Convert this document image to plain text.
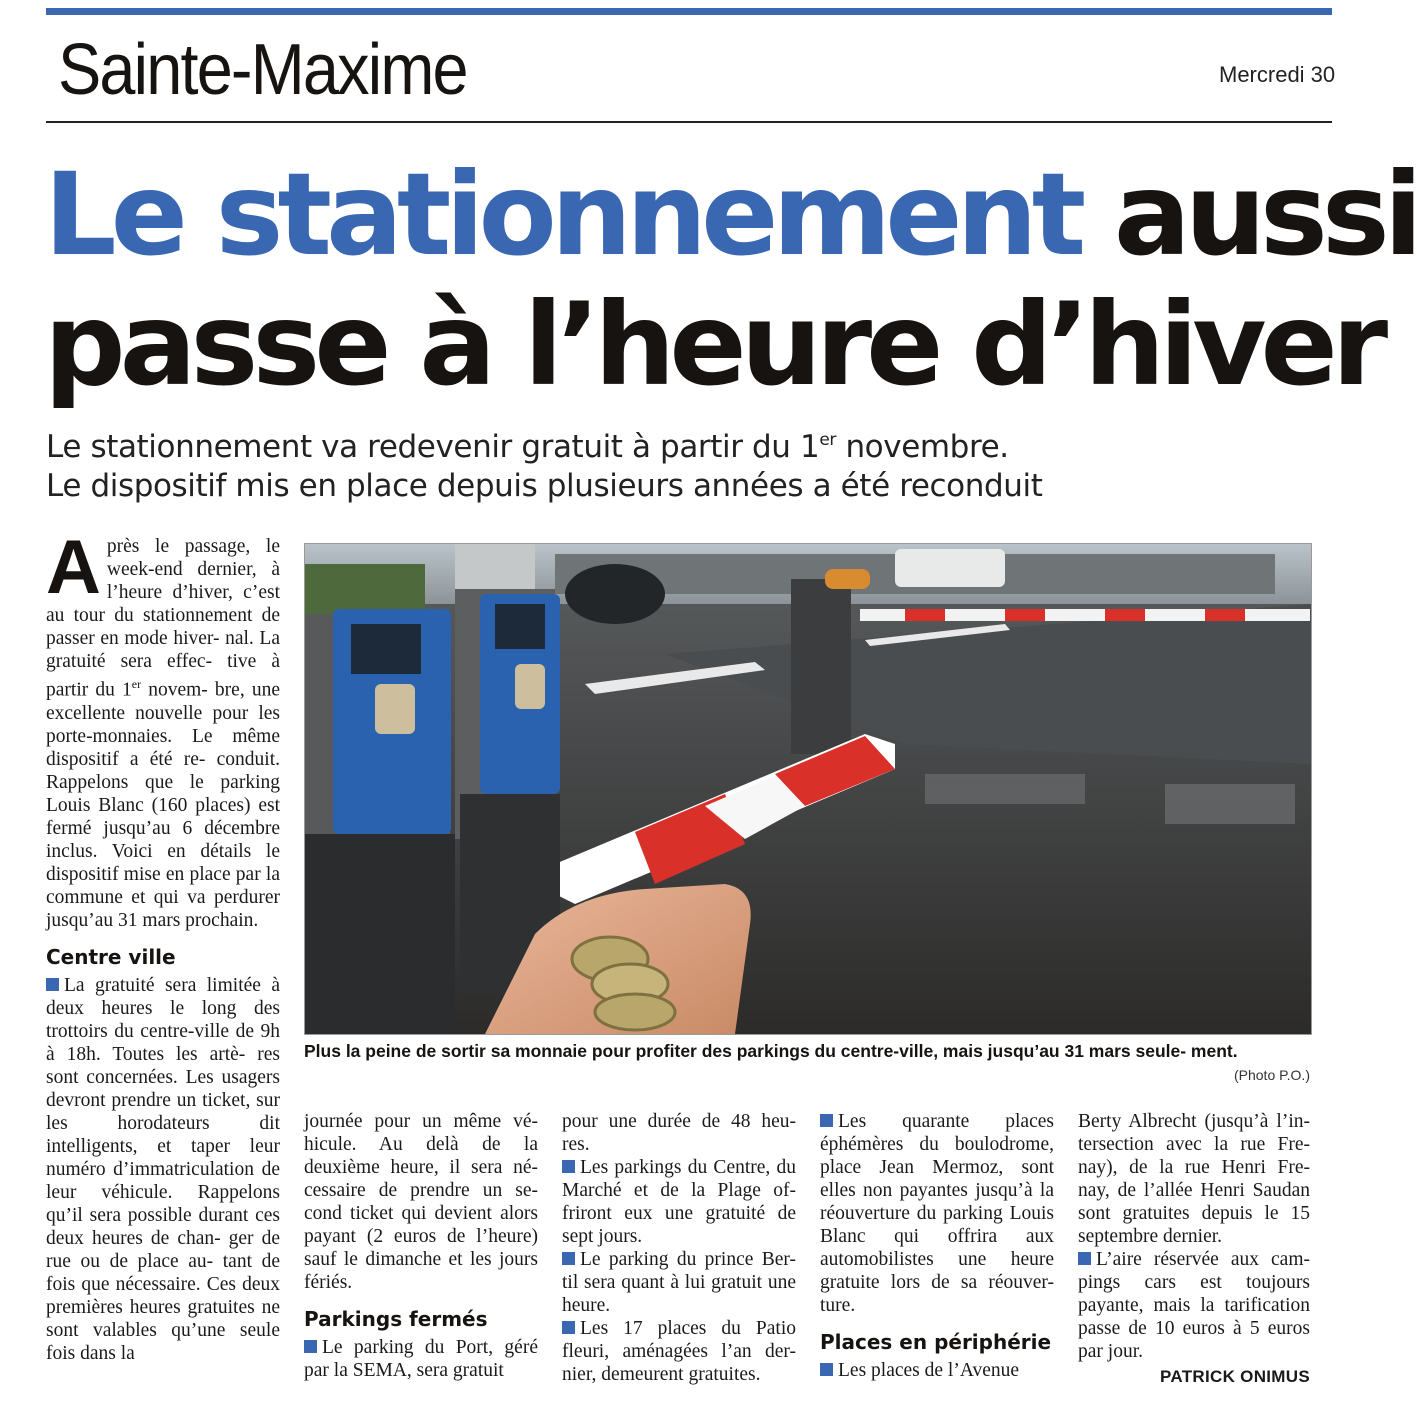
Sainte-Maxime	Mercredi 30
Le stationnement aussi
passe à l’heure d’hiver
Le stationnement va redevenir gratuit à partir du 1er novembre.
Le dispositif mis en place depuis plusieurs années a été reconduit

Après le passage, le week-end dernier, à l’heure d’hiver, c’est au tour du stationnement de passer en mode hiver- nal. La gratuité sera effec- tive à partir du 1er novem- bre, une excellente nouvelle pour les porte-monnaies. Le même dispositif a été re- conduit. Rappelons que le parking Louis Blanc (160 places) est fermé jusqu’au 6 décembre inclus. Voici en détails le dispositif mise en place par la commune et qui va perdurer jusqu’au 31 mars prochain.

Centre ville

La gratuité sera limitée à deux heures le long des trottoirs du centre-ville de 9h à 18h. Toutes les artè- res sont concernées. Les usagers devront prendre un ticket, sur les horodateurs dit intelligents, et taper leur numéro d’immatriculation de leur véhicule. Rappelons qu’il sera possible durant ces deux heures de chan- ger de rue ou de place au- tant de fois que nécessaire. Ces deux premières heures gratuites ne sont valables qu’une seule fois dans la

Plus la peine de sortir sa monnaie pour profiter des parkings du centre-ville, mais jusqu’au 31 mars seule- ment.
(Photo P.O.)

journée pour un même vé- hicule. Au delà de la deuxième heure, il sera né- cessaire de prendre un se- cond ticket qui devient alors payant (2 euros de l’heure) sauf le dimanche et les jours fériés.

Parkings fermés

Le parking du Port, géré par la SEMA, sera gratuit

pour une durée de 48 heu- res.

Les parkings du Centre, du Marché et de la Plage of- friront eux une gratuité de sept jours.

Le parking du prince Ber- til sera quant à lui gratuit une heure.

Les 17 places du Patio fleuri, aménagées l’an der- nier, demeurent gratuites.

Les quarante places éphémères du boulodrome, place Jean Mermoz, sont elles non payantes jusqu’à la réouverture du parking Louis Blanc qui offrira aux automobilistes une heure gratuite lors de sa réouver- ture.

Places en périphérie

Les places de l’Avenue

Berty Albrecht (jusqu’à l’in- tersection avec la rue Fre- nay), de la rue Henri Fre- nay, de l’allée Henri Saudan sont gratuites depuis le 15 septembre dernier.

L’aire réservée aux cam- pings cars est toujours payante, mais la tarification passe de 10 euros à 5 euros par jour.

PATRICK ONIMUS
